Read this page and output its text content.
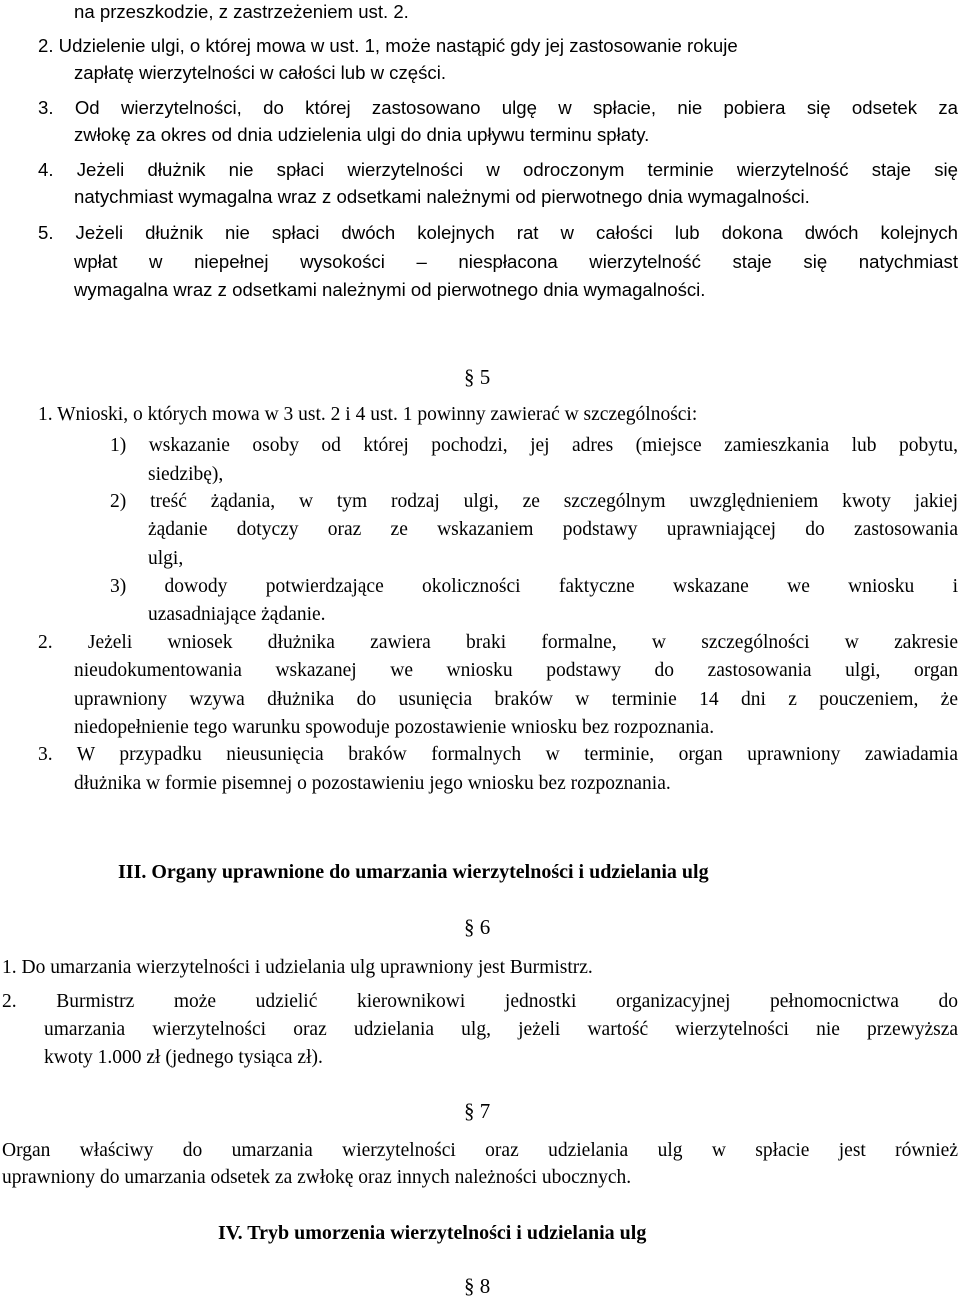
na przeszkodzie, z zastrzeżeniem ust. 2.
2. Udzielenie ulgi, o której mowa w ust. 1, może nastąpić gdy jej zastosowanie rokuje
zapłatę wierzytelności w całości lub w części.
3. Od wierzytelności, do której zastosowano ulgę w spłacie, nie pobiera się odsetek za
zwłokę za okres od dnia udzielenia ulgi do dnia upływu terminu spłaty.
4. Jeżeli dłużnik nie spłaci wierzytelności w odroczonym terminie wierzytelność staje się
natychmiast wymagalna wraz z odsetkami należnymi od pierwotnego dnia wymagalności.
5. Jeżeli dłużnik nie spłaci dwóch kolejnych rat w całości lub dokona dwóch kolejnych
wpłat w niepełnej wysokości – niespłacona wierzytelność staje się natychmiast
wymagalna wraz z odsetkami należnymi od pierwotnego dnia wymagalności.
§ 5
1. Wnioski, o których mowa w 3 ust. 2 i 4 ust. 1 powinny zawierać w szczególności:
1) wskazanie osoby od której pochodzi, jej adres (miejsce zamieszkania lub pobytu,
siedzibę),
2) treść żądania, w tym rodzaj ulgi, ze szczególnym uwzględnieniem kwoty jakiej
żądanie dotyczy oraz ze wskazaniem podstawy uprawniającej do zastosowania
ulgi,
3) dowody potwierdzające okoliczności faktyczne wskazane we wniosku i
uzasadniające żądanie.
2. Jeżeli wniosek dłużnika zawiera braki formalne, w szczególności w zakresie
nieudokumentowania wskazanej we wniosku podstawy do zastosowania ulgi, organ
uprawniony wzywa dłużnika do usunięcia braków w terminie 14 dni z pouczeniem, że
niedopełnienie tego warunku spowoduje pozostawienie wniosku bez rozpoznania.
3. W przypadku nieusunięcia braków formalnych w terminie, organ uprawniony zawiadamia
dłużnika w formie pisemnej o pozostawieniu jego wniosku bez rozpoznania.
III. Organy uprawnione do umarzania wierzytelności i udzielania ulg
§ 6
1. Do umarzania wierzytelności i udzielania ulg uprawniony jest Burmistrz.
2. Burmistrz może udzielić kierownikowi jednostki organizacyjnej pełnomocnictwa do
umarzania wierzytelności oraz udzielania ulg, jeżeli wartość wierzytelności nie przewyższa
kwoty 1.000 zł (jednego tysiąca zł).
§ 7
Organ właściwy do umarzania wierzytelności oraz udzielania ulg w spłacie jest również
uprawniony do umarzania odsetek za zwłokę oraz innych należności ubocznych.
IV. Tryb umorzenia wierzytelności i udzielania ulg
§ 8
